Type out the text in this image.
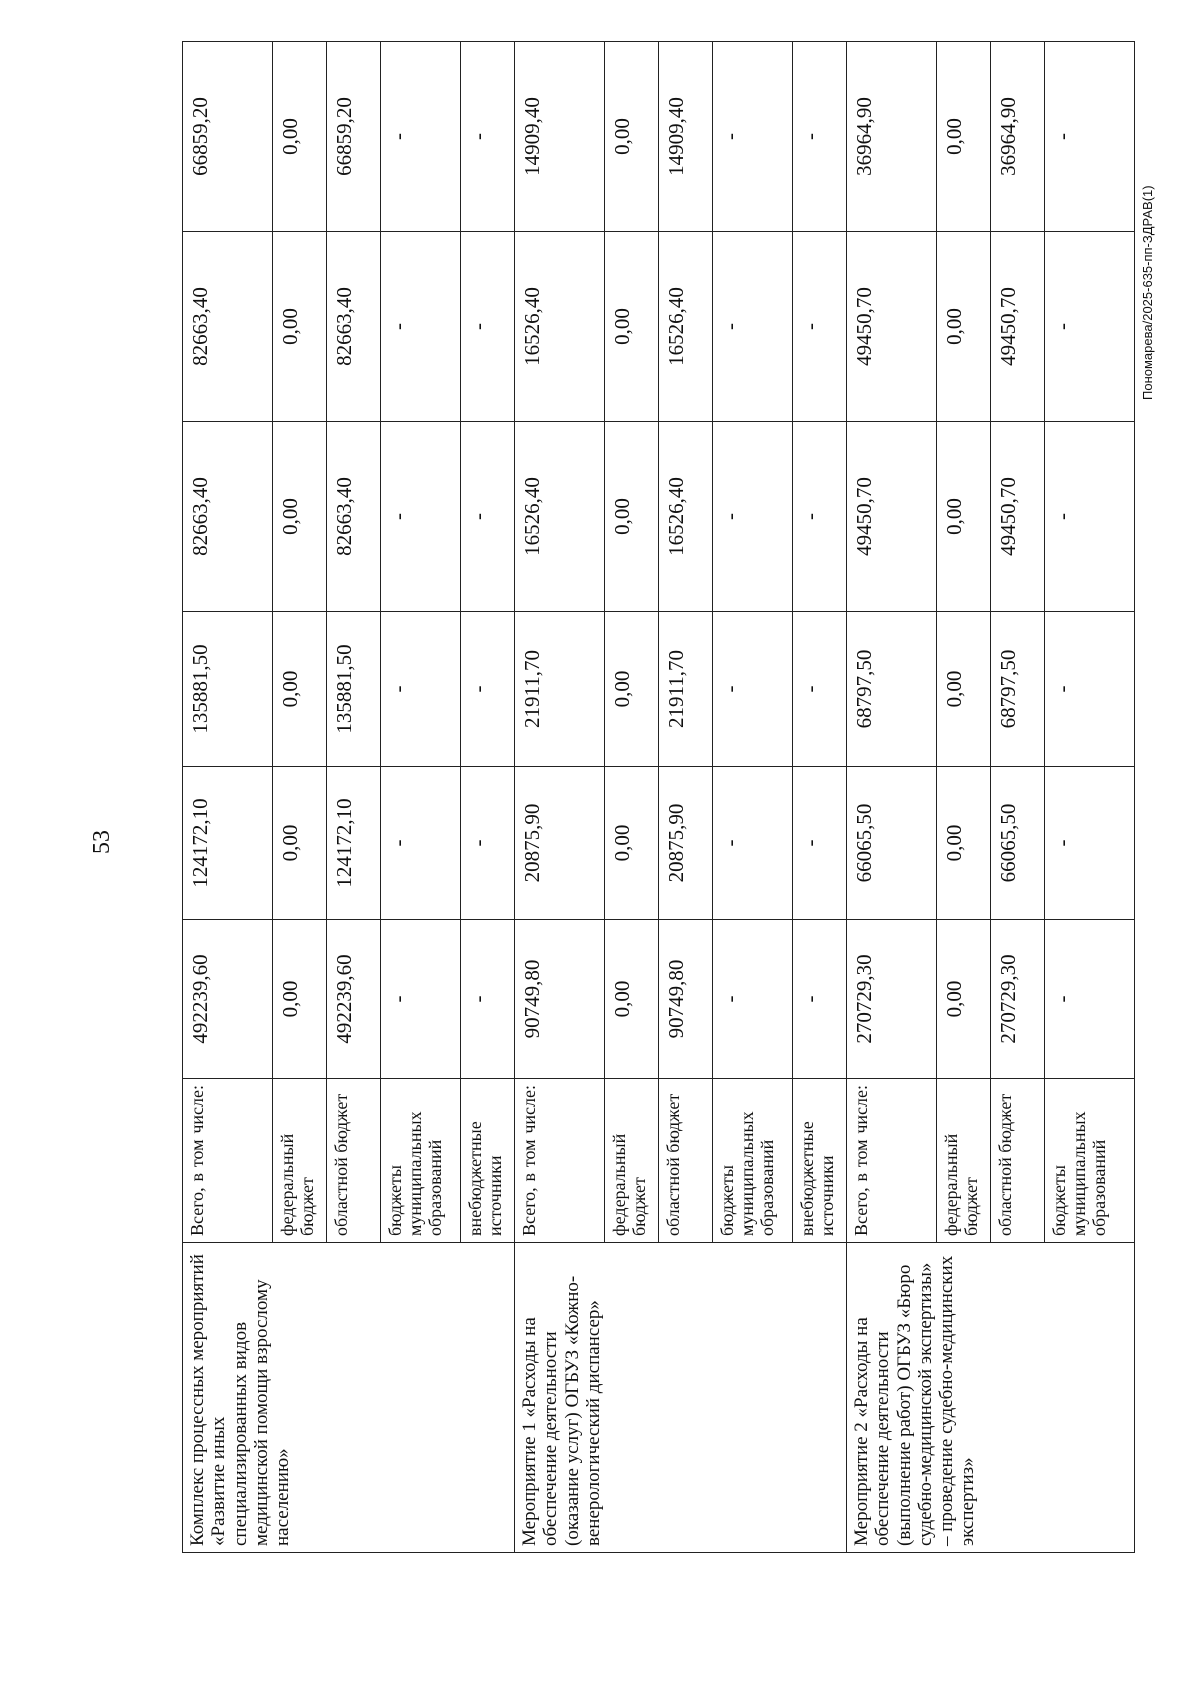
53
Пономарева/2025-635-пп-ЗДРАВ(1)
Комплекс процессных мероприятий «Развитие иных специализированных видов медицинской помощи взрослому населению»	Всего, в том числе:	492239,60	124172,10	135881,50	82663,40	82663,40	66859,20
	федеральный бюджет	0,00	0,00	0,00	0,00	0,00	0,00
	областной бюджет	492239,60	124172,10	135881,50	82663,40	82663,40	66859,20
	бюджеты муниципальных образований	-	-	-	-	-	-
	внебюджетные источники	-	-	-	-	-	-
Мероприятие 1 «Расходы на обеспечение деятельности (оказание услуг) ОГБУЗ «Кожно-венерологический диспансер»	Всего, в том числе:	90749,80	20875,90	21911,70	16526,40	16526,40	14909,40
	федеральный бюджет	0,00	0,00	0,00	0,00	0,00	0,00
	областной бюджет	90749,80	20875,90	21911,70	16526,40	16526,40	14909,40
	бюджеты муниципальных образований	-	-	-	-	-	-
	внебюджетные источники	-	-	-	-	-	-
Мероприятие 2 «Расходы на обеспечение деятельности (выполнение работ) ОГБУЗ «Бюро судебно-медицинской экспертизы» – проведение судебно-медицинских экспертиз»	Всего, в том числе:	270729,30	66065,50	68797,50	49450,70	49450,70	36964,90
	федеральный бюджет	0,00	0,00	0,00	0,00	0,00	0,00
	областной бюджет	270729,30	66065,50	68797,50	49450,70	49450,70	36964,90
	бюджеты муниципальных образований	-	-	-	-	-	-
